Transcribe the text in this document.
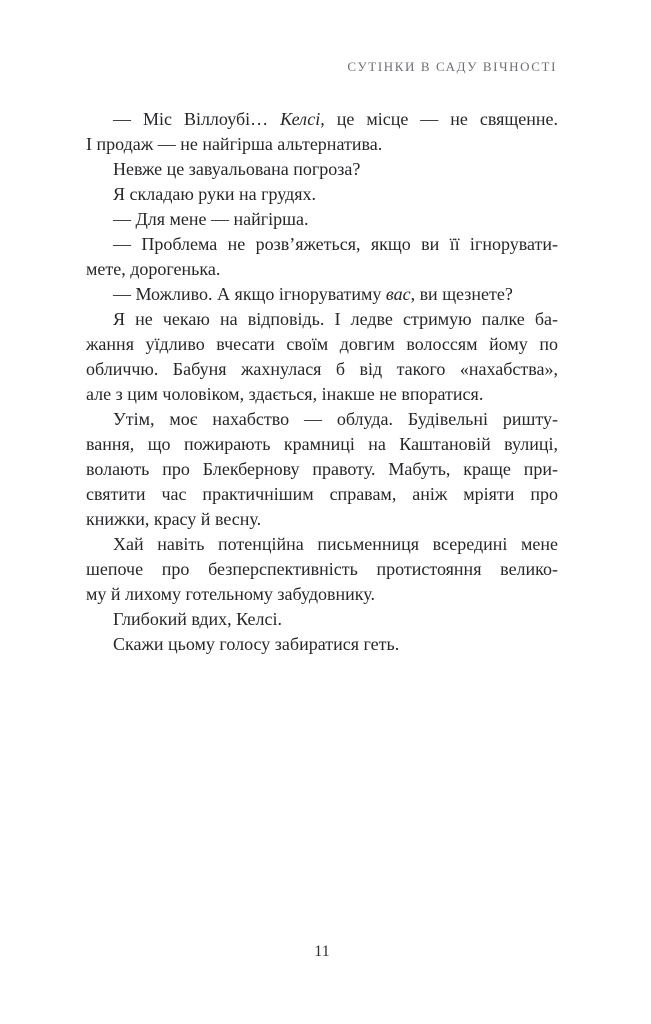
СУТІНКИ В САДУ ВІЧНОСТІ
— Міс Віллоубі… Келсі, це місце — не священне.
І продаж — не найгірша альтернатива.
Невже це завуальована погроза?
Я складаю руки на грудях.
— Для мене — найгірша.
— Проблема не розв’яжеться, якщо ви її ігнорувати-
мете, дорогенька.
— Можливо. А якщо ігноруватиму вас, ви щезнете?
Я не чекаю на відповідь. І ледве стримую палке ба-
жання уїдливо вчесати своїм довгим волоссям йому по
обличчю. Бабуня жахнулася б від такого «нахабства»,
але з цим чоловіком, здається, інакше не впоратися.
Утім, моє нахабство — облуда. Будівельні ришту-
вання, що пожирають крамниці на Каштановій вулиці,
волають про Блекбернову правоту. Мабуть, краще при-
святити час практичнішим справам, аніж мріяти про
книжки, красу й весну.
Хай навіть потенційна письменниця всередині мене
шепоче про безперспективність протистояння велико-
му й лихому готельному забудовнику.
Глибокий вдих, Келсі.
Скажи цьому голосу забиратися геть.
11
